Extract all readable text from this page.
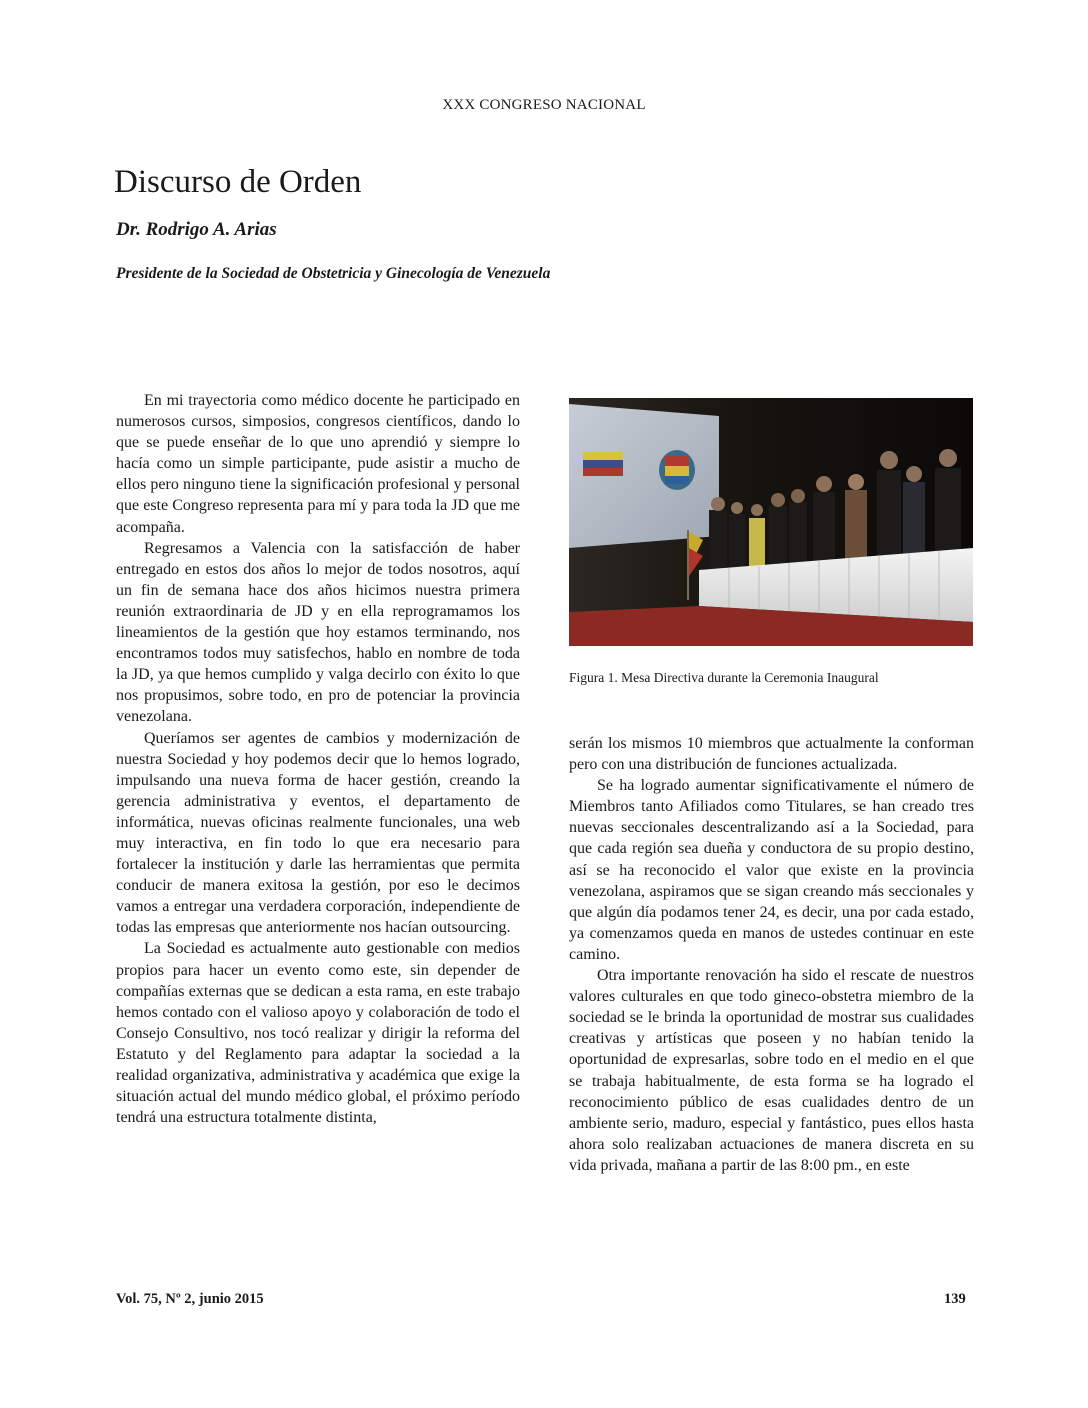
XXX CONGRESO NACIONAL
Discurso de Orden
Dr. Rodrigo A. Arias
Presidente de la Sociedad de Obstetricia y Ginecología de Venezuela

En mi trayectoria como médico docente he participado en numerosos cursos, simposios, congresos científicos, dando lo que se puede enseñar de lo que uno aprendió y siempre lo hacía como un simple participante, pude asistir a mucho de ellos pero ninguno tiene la significación profesional y personal que este Congreso representa para mí y para toda la JD que me acompaña.

Regresamos a Valencia con la satisfacción de haber entregado en estos dos años lo mejor de todos nosotros, aquí un fin de semana hace dos años hicimos nuestra primera reunión extraordinaria de JD y en ella reprogramamos los lineamientos de la gestión que hoy estamos terminando, nos encontramos todos muy satisfechos, hablo en nombre de toda la JD, ya que hemos cumplido y valga decirlo con éxito lo que nos propusimos, sobre todo, en pro de potenciar la provincia venezolana.

Queríamos ser agentes de cambios y modernización de nuestra Sociedad y hoy podemos decir que lo hemos logrado, impulsando una nueva forma de hacer gestión, creando la gerencia administrativa y eventos, el departamento de informática, nuevas oficinas realmente funcionales, una web muy interactiva, en fin todo lo que era necesario para fortalecer la institución y darle las herramientas que permita conducir de manera exitosa la gestión, por eso le decimos vamos a entregar una verdadera corporación, independiente de todas las empresas que anteriormente nos hacían outsourcing.

La Sociedad es actualmente auto gestionable con medios propios para hacer un evento como este, sin depender de compañías externas que se dedican a esta rama, en este trabajo hemos contado con el valioso apoyo y colaboración de todo el Consejo Consultivo, nos tocó realizar y dirigir la reforma del Estatuto y del Reglamento para adaptar la sociedad a la realidad organizativa, administrativa y académica que exige la situación actual del mundo médico global, el próximo período tendrá una estructura totalmente distinta,

Figura 1. Mesa Directiva durante la Ceremonia Inaugural

serán los mismos 10 miembros que actualmente la conforman pero con una distribución de funciones actualizada.

Se ha logrado aumentar significativamente el número de Miembros tanto Afiliados como Titulares, se han creado tres nuevas seccionales descentralizando así a la Sociedad, para que cada región sea dueña y conductora de su propio destino, así se ha reconocido el valor que existe en la provincia venezolana, aspiramos que se sigan creando más seccionales y que algún día podamos tener 24, es decir, una por cada estado, ya comenzamos queda en manos de ustedes continuar en este camino.

Otra importante renovación ha sido el rescate de nuestros valores culturales en que todo gineco-obstetra miembro de la sociedad se le brinda la oportunidad de mostrar sus cualidades creativas y artísticas que poseen y no habían tenido la oportunidad de expresarlas, sobre todo en el medio en el que se trabaja habitualmente, de esta forma se ha logrado el reconocimiento público de esas cualidades dentro de un ambiente serio, maduro, especial y fantástico, pues ellos hasta ahora solo realizaban actuaciones de manera discreta en su vida privada, mañana a partir de las 8:00 pm., en este

Vol. 75, Nº 2, junio 2015	139
